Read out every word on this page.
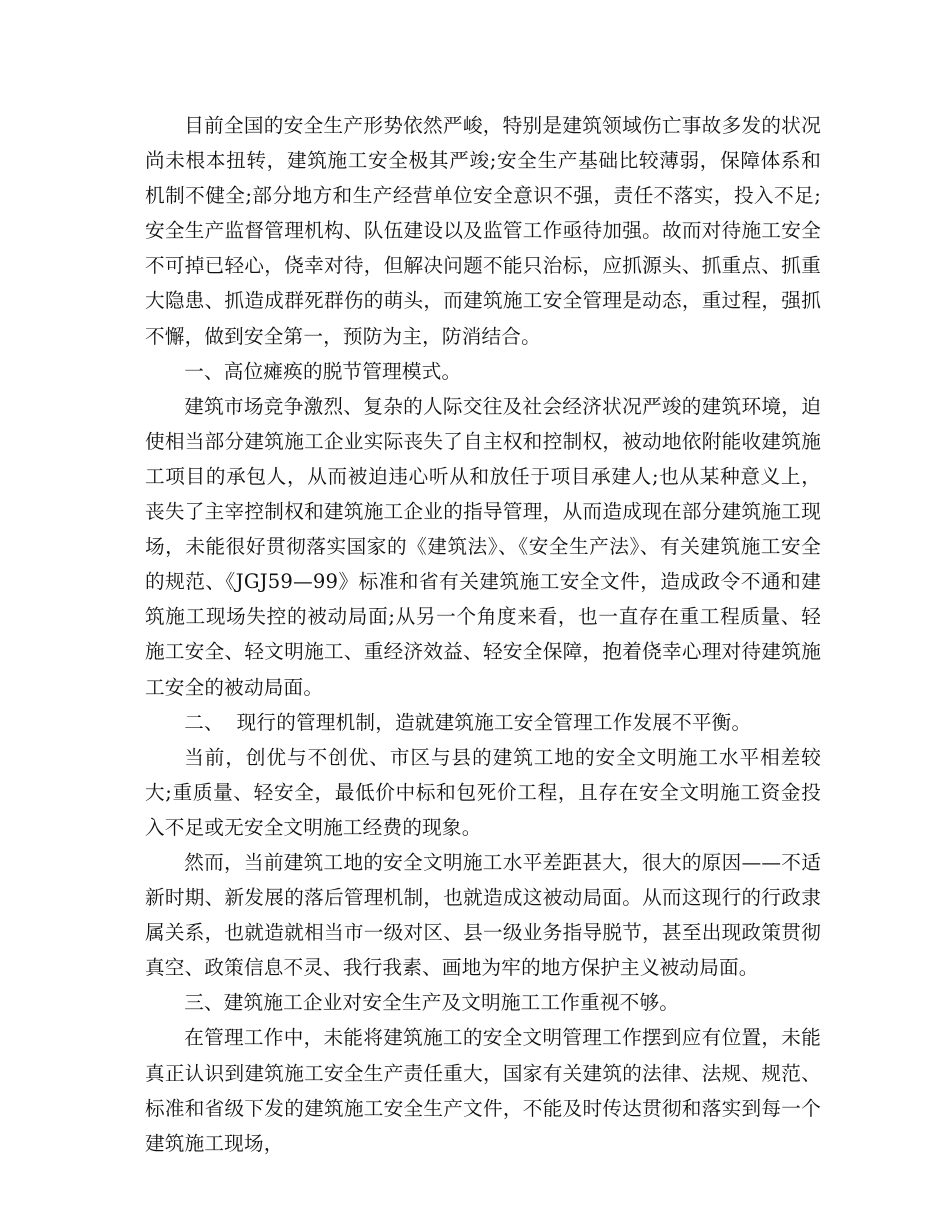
目前全国的安全生产形势依然严峻，特别是建筑领域伤亡事故多发的状况尚未根本扭转，建筑施工安全极其严竣;安全生产基础比较薄弱，保障体系和机制不健全;部分地方和生产经营单位安全意识不强，责任不落实，投入不足;安全生产监督管理机构、队伍建设以及监管工作亟待加强。故而对待施工安全不可掉已轻心，侥幸对待，但解决问题不能只治标，应抓源头、抓重点、抓重大隐患、抓造成群死群伤的萌头，而建筑施工安全管理是动态，重过程，强抓不懈，做到安全第一，预防为主，防消结合。

一、高位瘫痪的脱节管理模式。

建筑市场竞争激烈、复杂的人际交往及社会经济状况严竣的建筑环境，迫使相当部分建筑施工企业实际丧失了自主权和控制权，被动地依附能收建筑施工项目的承包人，从而被迫违心听从和放任于项目承建人;也从某种意义上，丧失了主宰控制权和建筑施工企业的指导管理，从而造成现在部分建筑施工现场，未能很好贯彻落实国家的《建筑法》、《安全生产法》、有关建筑施工安全的规范、《JGJ59—99》标准和省有关建筑施工安全文件，造成政令不通和建筑施工现场失控的被动局面;从另一个角度来看，也一直存在重工程质量、轻施工安全、轻文明施工、重经济效益、轻安全保障，抱着侥幸心理对待建筑施工安全的被动局面。

二、  现行的管理机制，造就建筑施工安全管理工作发展不平衡。

当前，创优与不创优、市区与县的建筑工地的安全文明施工水平相差较大;重质量、轻安全，最低价中标和包死价工程，且存在安全文明施工资金投入不足或无安全文明施工经费的现象。

然而，当前建筑工地的安全文明施工水平差距甚大，很大的原因——不适新时期、新发展的落后管理机制，也就造成这被动局面。从而这现行的行政隶属关系，也就造就相当市一级对区、县一级业务指导脱节，甚至出现政策贯彻真空、政策信息不灵、我行我素、画地为牢的地方保护主义被动局面。

三、建筑施工企业对安全生产及文明施工工作重视不够。

在管理工作中，未能将建筑施工的安全文明管理工作摆到应有位置，未能真正认识到建筑施工安全生产责任重大，国家有关建筑的法律、法规、规范、标准和省级下发的建筑施工安全生产文件，不能及时传达贯彻和落实到每一个建筑施工现场，
